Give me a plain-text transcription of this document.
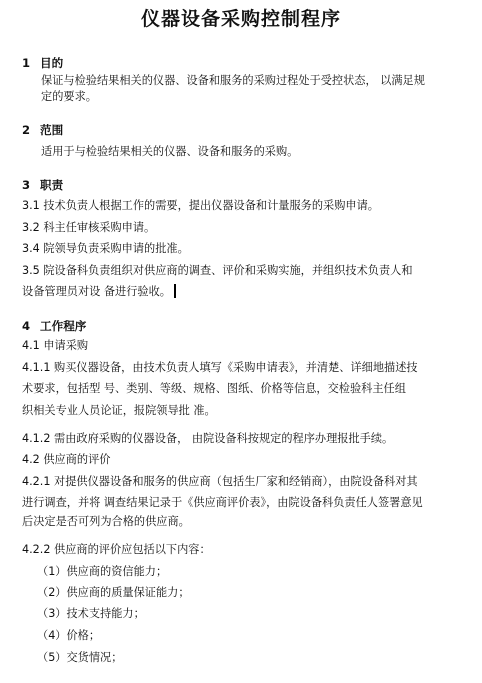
仪器设备采购控制程序
1 目的
保证与检验结果相关的仪器、设备和服务的采购过程处于受控状态， 以满足规
定的要求。
2 范围
适用于与检验结果相关的仪器、设备和服务的采购。
3 职责
3.1 技术负责人根据工作的需要，提出仪器设备和计量服务的采购申请。
3.2 科主任审核采购申请。
3.4 院领导负责采购申请的批准。
3.5 院设备科负责组织对供应商的调查、评价和采购实施，并组织技术负责人和
设备管理员对设 备进行验收。
4 工作程序
4.1 申请采购
4.1.1 购买仪器设备，由技术负责人填写《采购申请表》，并清楚、详细地描述技
术要求，包括型 号、类别、等级、规格、图纸、价格等信息，交检验科主任组
织相关专业人员论证，报院领导批 准。
4.1.2 需由政府采购的仪器设备， 由院设备科按规定的程序办理报批手续。
4.2 供应商的评价
4.2.1 对提供仪器设备和服务的供应商（包括生厂家和经销商），由院设备科对其
进行调查，并将 调查结果记录于《供应商评价表》，由院设备科负责任人签署意见
后决定是否可列为合格的供应商。
4.2.2 供应商的评价应包括以下内容：
（1）供应商的资信能力；
（2）供应商的质量保证能力；
（3）技术支持能力；
（4）价格；
（5）交货情况；
